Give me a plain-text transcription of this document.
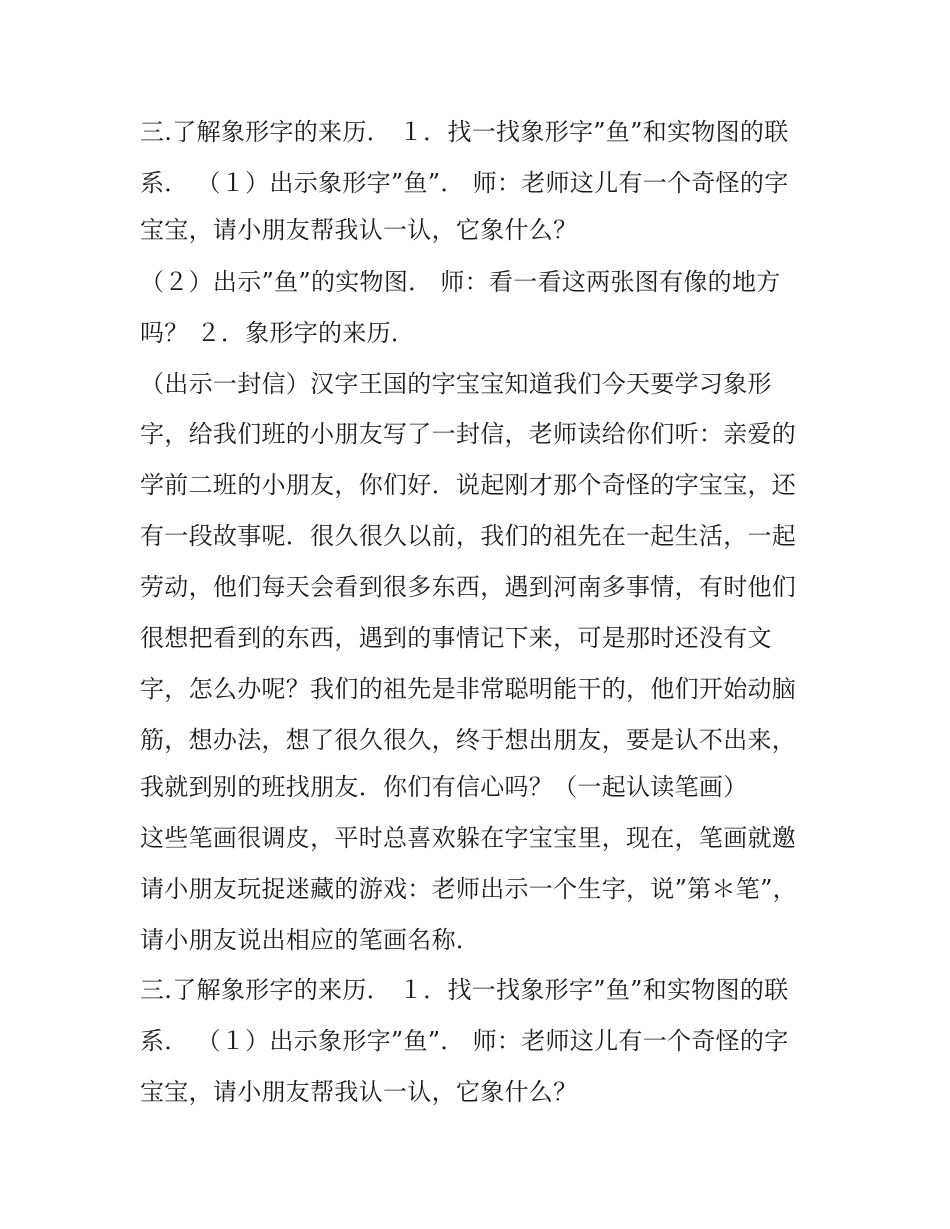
三.了解象形字的来历． １．找一找象形字”鱼”和实物图的联
系． （１）出示象形字”鱼”． 师：老师这儿有一个奇怪的字
宝宝，请小朋友帮我认一认，它象什么？
（２）出示”鱼”的实物图． 师：看一看这两张图有像的地方
吗？ ２．象形字的来历．
（出示一封信）汉字王国的字宝宝知道我们今天要学习象形
字，给我们班的小朋友写了一封信，老师读给你们听：亲爱的
学前二班的小朋友，你们好．说起刚才那个奇怪的字宝宝，还
有一段故事呢．很久很久以前，我们的祖先在一起生活，一起
劳动，他们每天会看到很多东西，遇到河南多事情，有时他们
很想把看到的东西，遇到的事情记下来，可是那时还没有文
字，怎么办呢？我们的祖先是非常聪明能干的，他们开始动脑
筋，想办法，想了很久很久，终于想出朋友，要是认不出来，
我就到别的班找朋友．你们有信心吗？（一起认读笔画）
这些笔画很调皮，平时总喜欢躲在字宝宝里，现在，笔画就邀
请小朋友玩捉迷藏的游戏：老师出示一个生字，说”第＊笔”，
请小朋友说出相应的笔画名称．
三.了解象形字的来历． １．找一找象形字”鱼”和实物图的联
系． （１）出示象形字”鱼”． 师：老师这儿有一个奇怪的字
宝宝，请小朋友帮我认一认，它象什么？
